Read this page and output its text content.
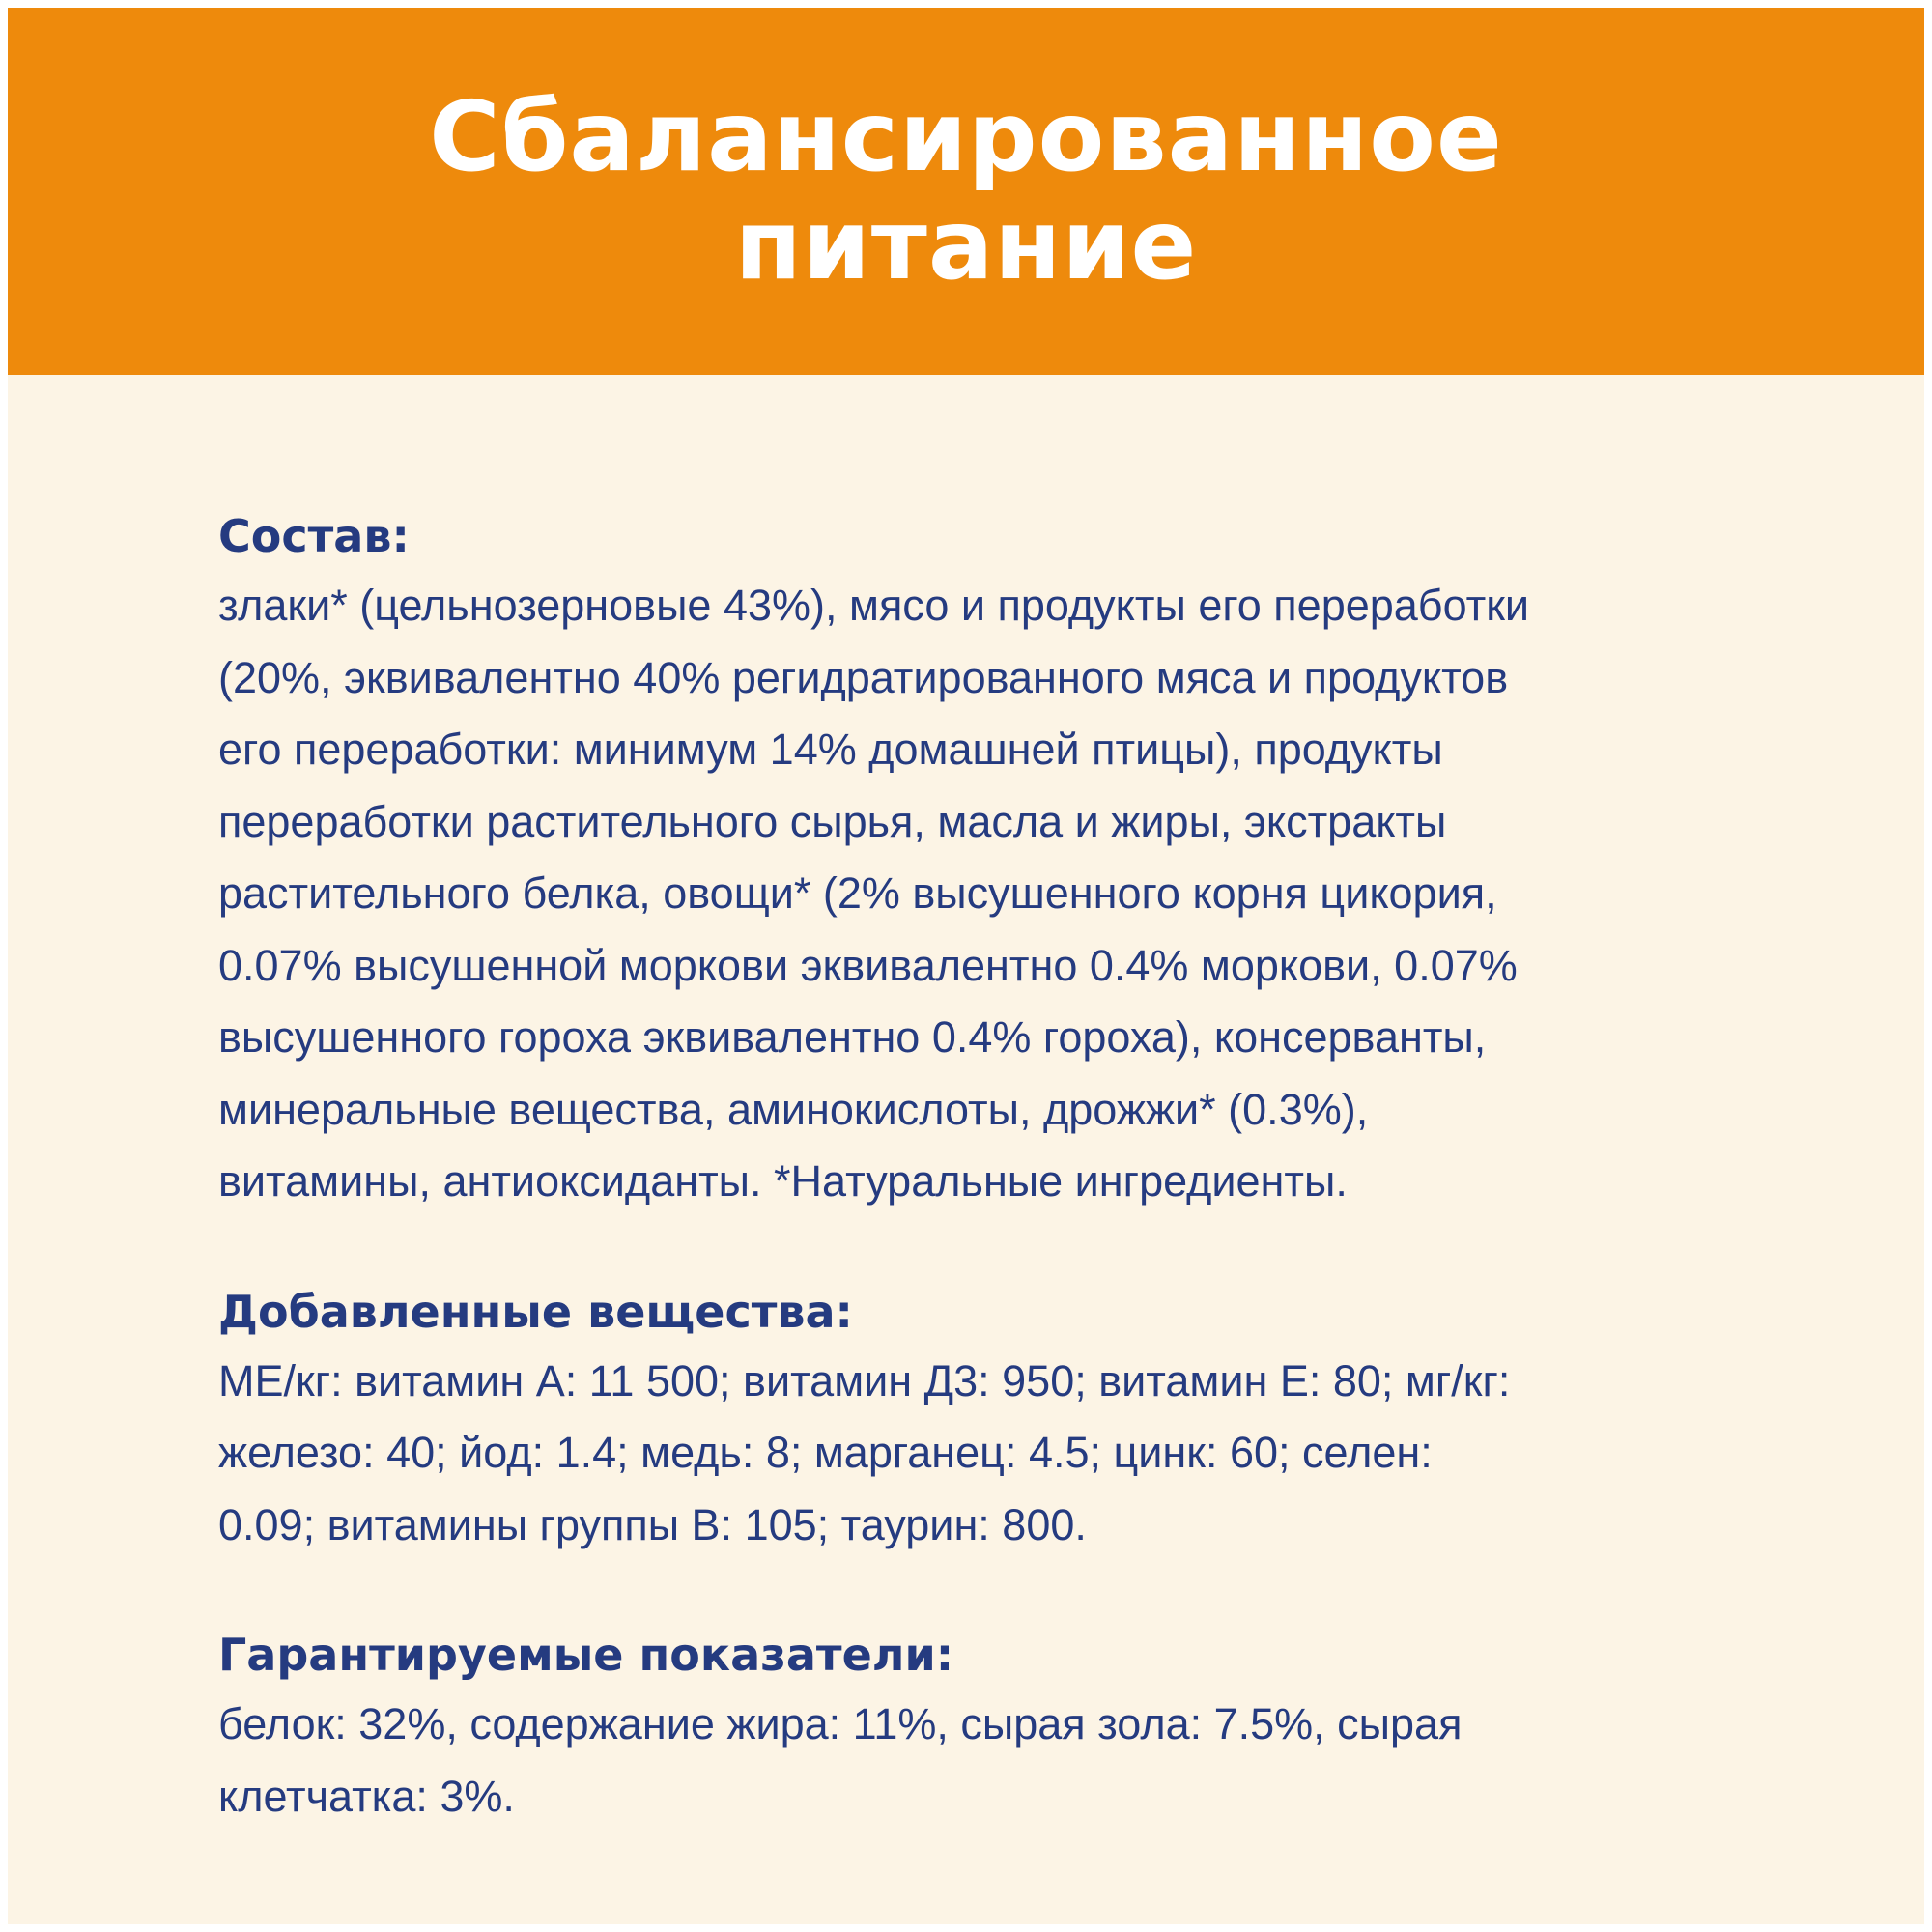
Сбалансированное
питание
Состав:

злаки* (цельнозерновые 43%), мясо и продукты его переработки
(20%, эквивалентно 40% регидратированного мяса и продуктов
его переработки: минимум 14% домашней птицы), продукты
переработки растительного сырья, масла и жиры, экстракты
растительного белка, овощи* (2% высушенного корня цикория,
0.07% высушенной моркови эквивалентно 0.4% моркови, 0.07%
высушенного гороха эквивалентно 0.4% гороха), консерванты,
минеральные вещества, аминокислоты, дрожжи* (0.3%),
витамины, антиоксиданты. *Натуральные ингредиенты.

Добавленные вещества:

МЕ/кг: витамин А: 11 500; витамин Д3: 950; витамин Е: 80; мг/кг:
железо: 40; йод: 1.4; медь: 8; марганец: 4.5; цинк: 60; селен:
0.09; витамины группы В: 105; таурин: 800.

Гарантируемые показатели:

белок: 32%, содержание жира: 11%, сырая зола: 7.5%, сырая
клетчатка: 3%.
